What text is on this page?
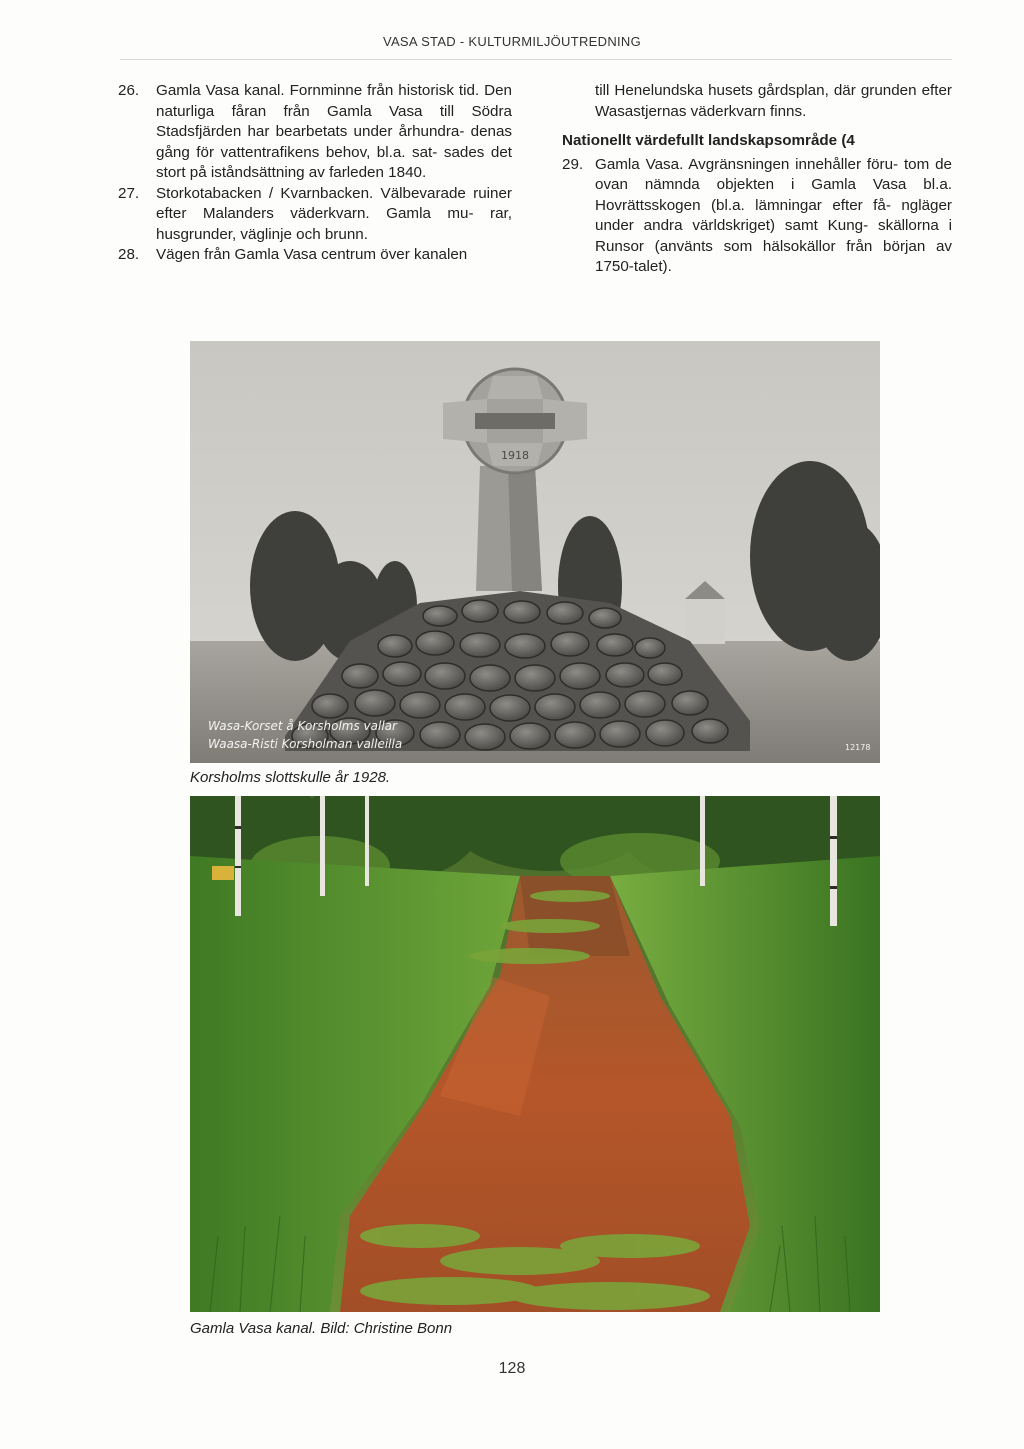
VASA STAD - KULTURMILJÖUTREDNING
26.	Gamla Vasa kanal. Fornminne från historisk tid. Den naturliga fåran från Gamla Vasa till Södra Stadsfjärden har bearbetats under århundra- denas gång för vattentrafikens behov, bl.a. sat- sades det stort på iståndsättning av farleden 1840.
27.	Storkotabacken / Kvarnbacken. Välbevarade ruiner efter Malanders väderkvarn. Gamla mu- rar, husgrunder, väglinje och brunn.
28.	Vägen från Gamla Vasa centrum över kanalen
till Henelundska husets gårdsplan, där grunden efter Wasastjernas väderkvarn finns.
Nationellt värdefullt landskapsområde (4
29. Gamla Vasa. Avgränsningen innehåller föru- tom de ovan nämnda objekten i Gamla Vasa bl.a. Hovrättsskogen (bl.a. lämningar efter få- ngläger under andra världskriget) samt Kung- skällorna i Runsor (använts som hälsokällor från början av 1750-talet).
1918
Wasa-Korset å Korsholms vallar
Waasa-Risti Korsholman valleilla	12178
Korsholms slottskulle år 1928.
Gamla Vasa kanal. Bild: Christine Bonn
128
